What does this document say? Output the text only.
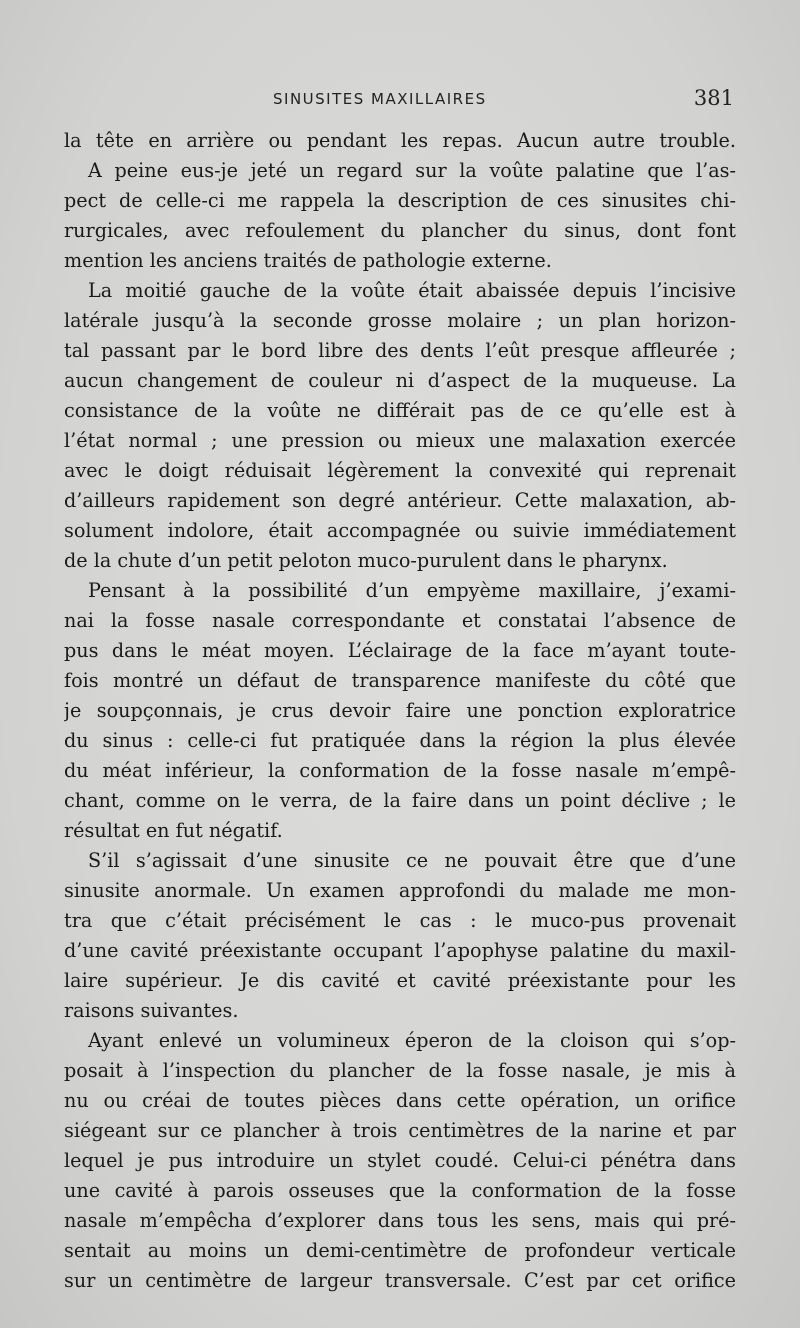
SINUSITES MAXILLAIRES	381
la tête en arrière ou pendant les repas. Aucun autre trouble.
A peine eus-je jeté un regard sur la voûte palatine que l’as-
pect de celle-ci me rappela la description de ces sinusites chi-
rurgicales, avec refoulement du plancher du sinus, dont font
mention les anciens traités de pathologie externe.
La moitié gauche de la voûte était abaissée depuis l’incisive
latérale jusqu’à la seconde grosse molaire ; un plan horizon-
tal passant par le bord libre des dents l’eût presque affleurée ;
aucun changement de couleur ni d’aspect de la muqueuse. La
consistance de la voûte ne différait pas de ce qu’elle est à
l’état normal ; une pression ou mieux une malaxation exercée
avec le doigt réduisait légèrement la convexité qui reprenait
d’ailleurs rapidement son degré antérieur. Cette malaxation, ab-
solument indolore, était accompagnée ou suivie immédiatement
de la chute d’un petit peloton muco-purulent dans le pharynx.
Pensant à la possibilité d’un empyème maxillaire, j’exami-
nai la fosse nasale correspondante et constatai l’absence de
pus dans le méat moyen. L’éclairage de la face m’ayant toute-
fois montré un défaut de transparence manifeste du côté que
je soupçonnais, je crus devoir faire une ponction exploratrice
du sinus : celle-ci fut pratiquée dans la région la plus élevée
du méat inférieur, la conformation de la fosse nasale m’empê-
chant, comme on le verra, de la faire dans un point déclive ; le
résultat en fut négatif.
S’il s’agissait d’une sinusite ce ne pouvait être que d’une
sinusite anormale. Un examen approfondi du malade me mon-
tra que c’était précisément le cas : le muco-pus provenait
d’une cavité préexistante occupant l’apophyse palatine du maxil-
laire supérieur. Je dis cavité et cavité préexistante pour les
raisons suivantes.
Ayant enlevé un volumineux éperon de la cloison qui s’op-
posait à l’inspection du plancher de la fosse nasale, je mis à
nu ou créai de toutes pièces dans cette opération, un orifice
siégeant sur ce plancher à trois centimètres de la narine et par
lequel je pus introduire un stylet coudé. Celui-ci pénétra dans
une cavité à parois osseuses que la conformation de la fosse
nasale m’empêcha d’explorer dans tous les sens, mais qui pré-
sentait au moins un demi-centimètre de profondeur verticale
sur un centimètre de largeur transversale. C’est par cet orifice
